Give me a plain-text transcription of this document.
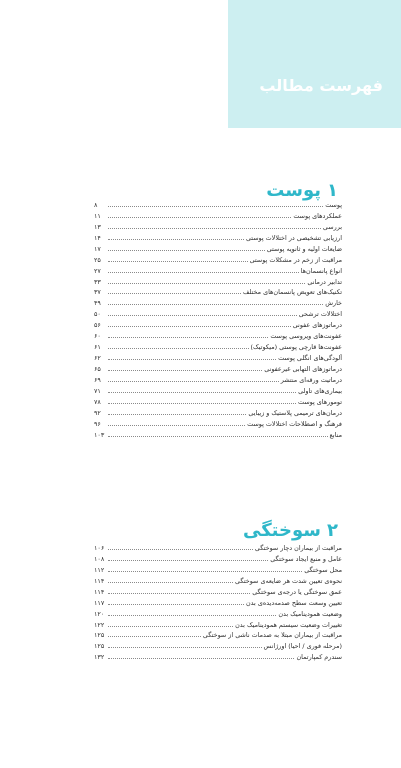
فهرست مطالب
۱پوست
پوست
۸
عملکردهای پوست
۱۱
بررسی
۱۳
ارزیابی تشخیصی در اختلالات پوستی
۱۴
ضایعات اولیه و ثانویه پوستی
۱۷
مراقبت از زخم در مشکلات پوستی
۲۵
انواع پانسمان‌ها
۲۷
تدابیر درمانی
۳۳
تکنیک‌های تعویض پانسمان‌های مختلف
۳۷
خارش
۴۹
اختلالات ترشحی
۵۰
درماتوزهای عفونی
۵۶
عفونت‌های ویروسی پوست
۶۰
عفونت‌ها قارچی پوستی (میکوتیک)
۶۱
آلودگی‌های انگلی پوست
۶۲
درماتوزهای التهابی غیرعفونی
۶۵
درماتیت ورقه‌ای منتشر
۶۹
بیماری‌های تاولی
۷۱
تومورهای پوست
۷۸
درمان‌های ترمیمی پلاستیک و زیبایی
۹۲
فرهنگ و اصطلاحات اختلالات پوست
۹۶
منابع
۱۰۳
۲سوختگی
مراقبت از بیماران دچار سوختگی
۱۰۶
عامل و منبع ایجاد سوختگی
۱۰۸
محل سوختگی
۱۱۲
نحوه‌ی تعیین شدت هر ضایعه‌ی سوختگی
۱۱۴
عمق سوختگی یا درجه‌ی سوختگی
۱۱۴
تعیین وسعت سطح صدمه‌دیده‌ی بدن
۱۱۷
وضعیت همودینامیک بدن
۱۲۰
تغییرات وضعیت سیستم همودینامیک بدن
۱۲۲
مراقبت از بیماران مبتلا به صدمات ناشی از سوختگی
۱۲۵
(مرحله فوری / احیا) اورژانس
۱۲۵
سندرم کمپارتمان
۱۳۲
